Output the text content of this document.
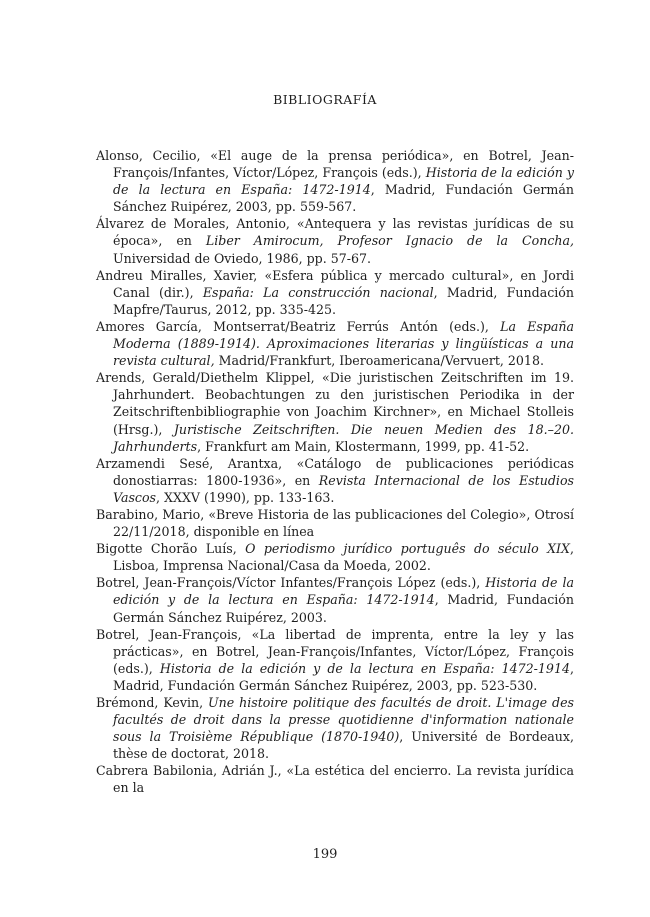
BIBLIOGRAFÍA

Alonso, Cecilio, «El auge de la prensa periódica», en Botrel, Jean-François/Infantes, Víctor/López, François (eds.), Historia de la edición y de la lectura en España: 1472-1914, Madrid, Fundación Germán Sánchez Ruipérez, 2003, pp. 559-567.

Álvarez de Morales, Antonio, «Antequera y las revistas jurídicas de su época», en Liber Amirocum, Profesor Ignacio de la Concha, Universidad de Oviedo, 1986, pp. 57-67.

Andreu Miralles, Xavier, «Esfera pública y mercado cultural», en Jordi Canal (dir.), España: La construcción nacional, Madrid, Fundación Mapfre/Taurus, 2012, pp. 335-425.

Amores García, Montserrat/Beatriz Ferrús Antón (eds.), La España Moderna (1889-1914). Aproximaciones literarias y lingüísticas a una revista cultural, Madrid/Frankfurt, Iberoamericana/Vervuert, 2018.

Arends, Gerald/Diethelm Klippel, «Die juristischen Zeitschriften im 19. Jahrhundert. Beobachtungen zu den juristischen Periodika in der Zeitschriftenbibliographie von Joachim Kirchner», en Michael Stolleis (Hrsg.), Juristische Zeitschriften. Die neuen Medien des 18.–20. Jahrhunderts, Frankfurt am Main, Klostermann, 1999, pp. 41-52.

Arzamendi Sesé, Arantxa, «Catálogo de publicaciones periódicas donostiarras: 1800-1936», en Revista Internacional de los Estudios Vascos, XXXV (1990), pp. 133-163.

Barabino, Mario, «Breve Historia de las publicaciones del Colegio», Otrosí 22/11/2018, disponible en línea

Bigotte Chorão Luís, O periodismo jurídico português do século XIX, Lisboa, Imprensa Nacional/Casa da Moeda, 2002.

Botrel, Jean-François/Víctor Infantes/François López (eds.), Historia de la edición y de la lectura en España: 1472-1914, Madrid, Fundación Germán Sánchez Ruipérez, 2003.

Botrel, Jean-François, «La libertad de imprenta, entre la ley y las prácticas», en Botrel, Jean-François/Infantes, Víctor/López, François (eds.), Historia de la edición y de la lectura en España: 1472-1914, Madrid, Fundación Germán Sánchez Ruipérez, 2003, pp. 523-530.

Brémond, Kevin, Une histoire politique des facultés de droit. L'image des facultés de droit dans la presse quotidienne d'information nationale sous la Troisième République (1870-1940), Université de Bordeaux, thèse de doctorat, 2018.

Cabrera Babilonia, Adrián J., «La estética del encierro. La revista jurídica en la

199
